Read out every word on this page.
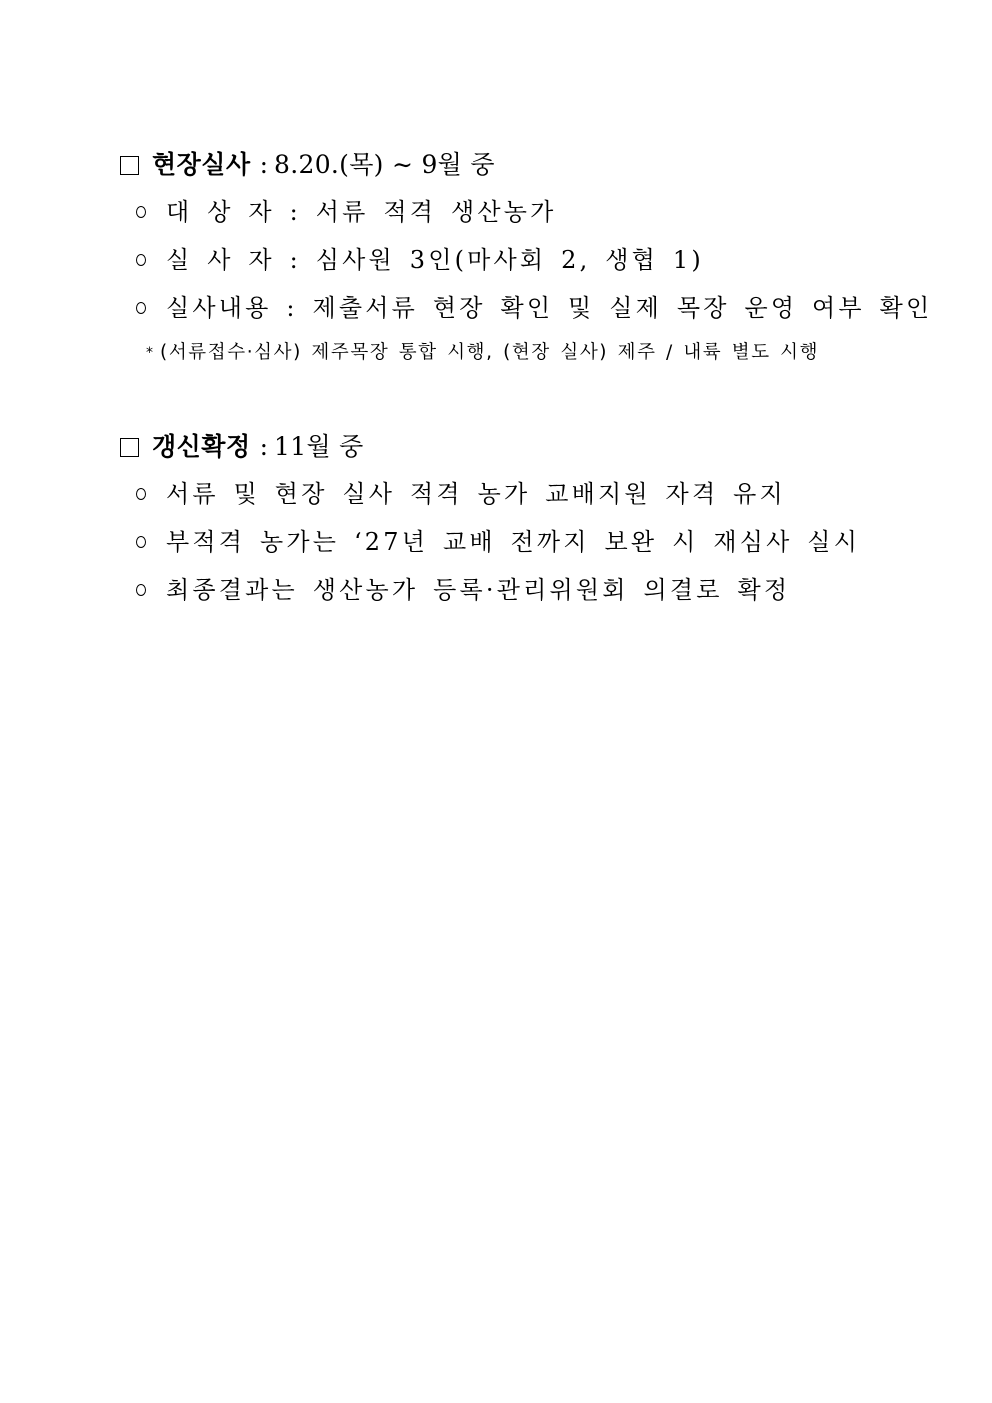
현장실사 : 8.20.(목) ∼ 9월 중
대 상 자 : 서류 적격 생산농가
실 사 자 : 심사원 3인(마사회 2, 생협 1)
실사내용 : 제출서류 현장 확인 및 실제 목장 운영 여부 확인
* (서류접수·심사) 제주목장 통합 시행, (현장 실사) 제주 / 내륙 별도 시행
갱신확정 : 11월 중
서류 및 현장 실사 적격 농가 교배지원 자격 유지
부적격 농가는 ‘27년 교배 전까지 보완 시 재심사 실시
최종결과는 생산농가 등록·관리위원회 의결로 확정
